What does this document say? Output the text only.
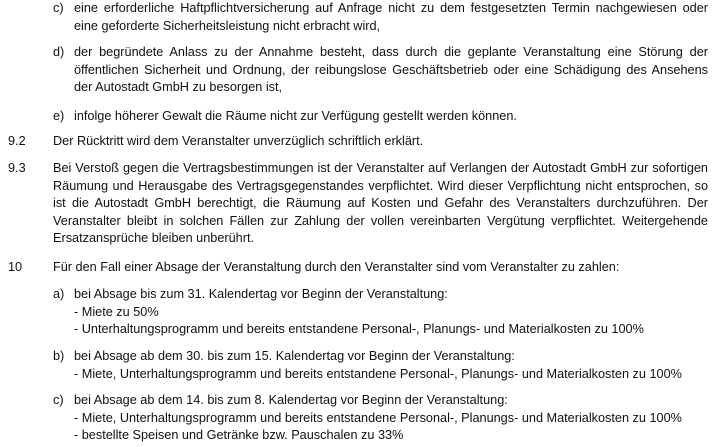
c) eine erforderliche Haftpflichtversicherung auf Anfrage nicht zu dem festgesetzten Termin nachgewiesen oder eine geforderte Sicherheitsleistung nicht erbracht wird,
d) der begründete Anlass zu der Annahme besteht, dass durch die geplante Veranstaltung eine Störung der öffentlichen Sicherheit und Ordnung, der reibungslose Geschäftsbetrieb oder eine Schädigung des Ansehens der Autostadt GmbH zu besorgen ist,
e) infolge höherer Gewalt die Räume nicht zur Verfügung gestellt werden können.
9.2 Der Rücktritt wird dem Veranstalter unverzüglich schriftlich erklärt.
9.3 Bei Verstoß gegen die Vertragsbestimmungen ist der Veranstalter auf Verlangen der Autostadt GmbH zur sofortigen Räumung und Herausgabe des Vertragsgegenstandes verpflichtet. Wird dieser Verpflichtung nicht entsprochen, so ist die Autostadt GmbH berechtigt, die Räumung auf Kosten und Gefahr des Veranstalters durchzuführen. Der Veranstalter bleibt in solchen Fällen zur Zahlung der vollen vereinbarten Vergütung verpflichtet. Weitergehende Ersatzansprüche bleiben unberührt.
10 Für den Fall einer Absage der Veranstaltung durch den Veranstalter sind vom Veranstalter zu zahlen:
a) bei Absage bis zum 31. Kalendertag vor Beginn der Veranstaltung:
- Miete zu 50%
- Unterhaltungsprogramm und bereits entstandene Personal-, Planungs- und Materialkosten zu 100%
b) bei Absage ab dem 30. bis zum 15. Kalendertag vor Beginn der Veranstaltung:
- Miete, Unterhaltungsprogramm und bereits entstandene Personal-, Planungs- und Materialkosten zu 100%
c) bei Absage ab dem 14. bis zum 8. Kalendertag vor Beginn der Veranstaltung:
- Miete, Unterhaltungsprogramm und bereits entstandene Personal-, Planungs- und Materialkosten zu 100%
- bestellte Speisen und Getränke bzw. Pauschalen zu 33%
